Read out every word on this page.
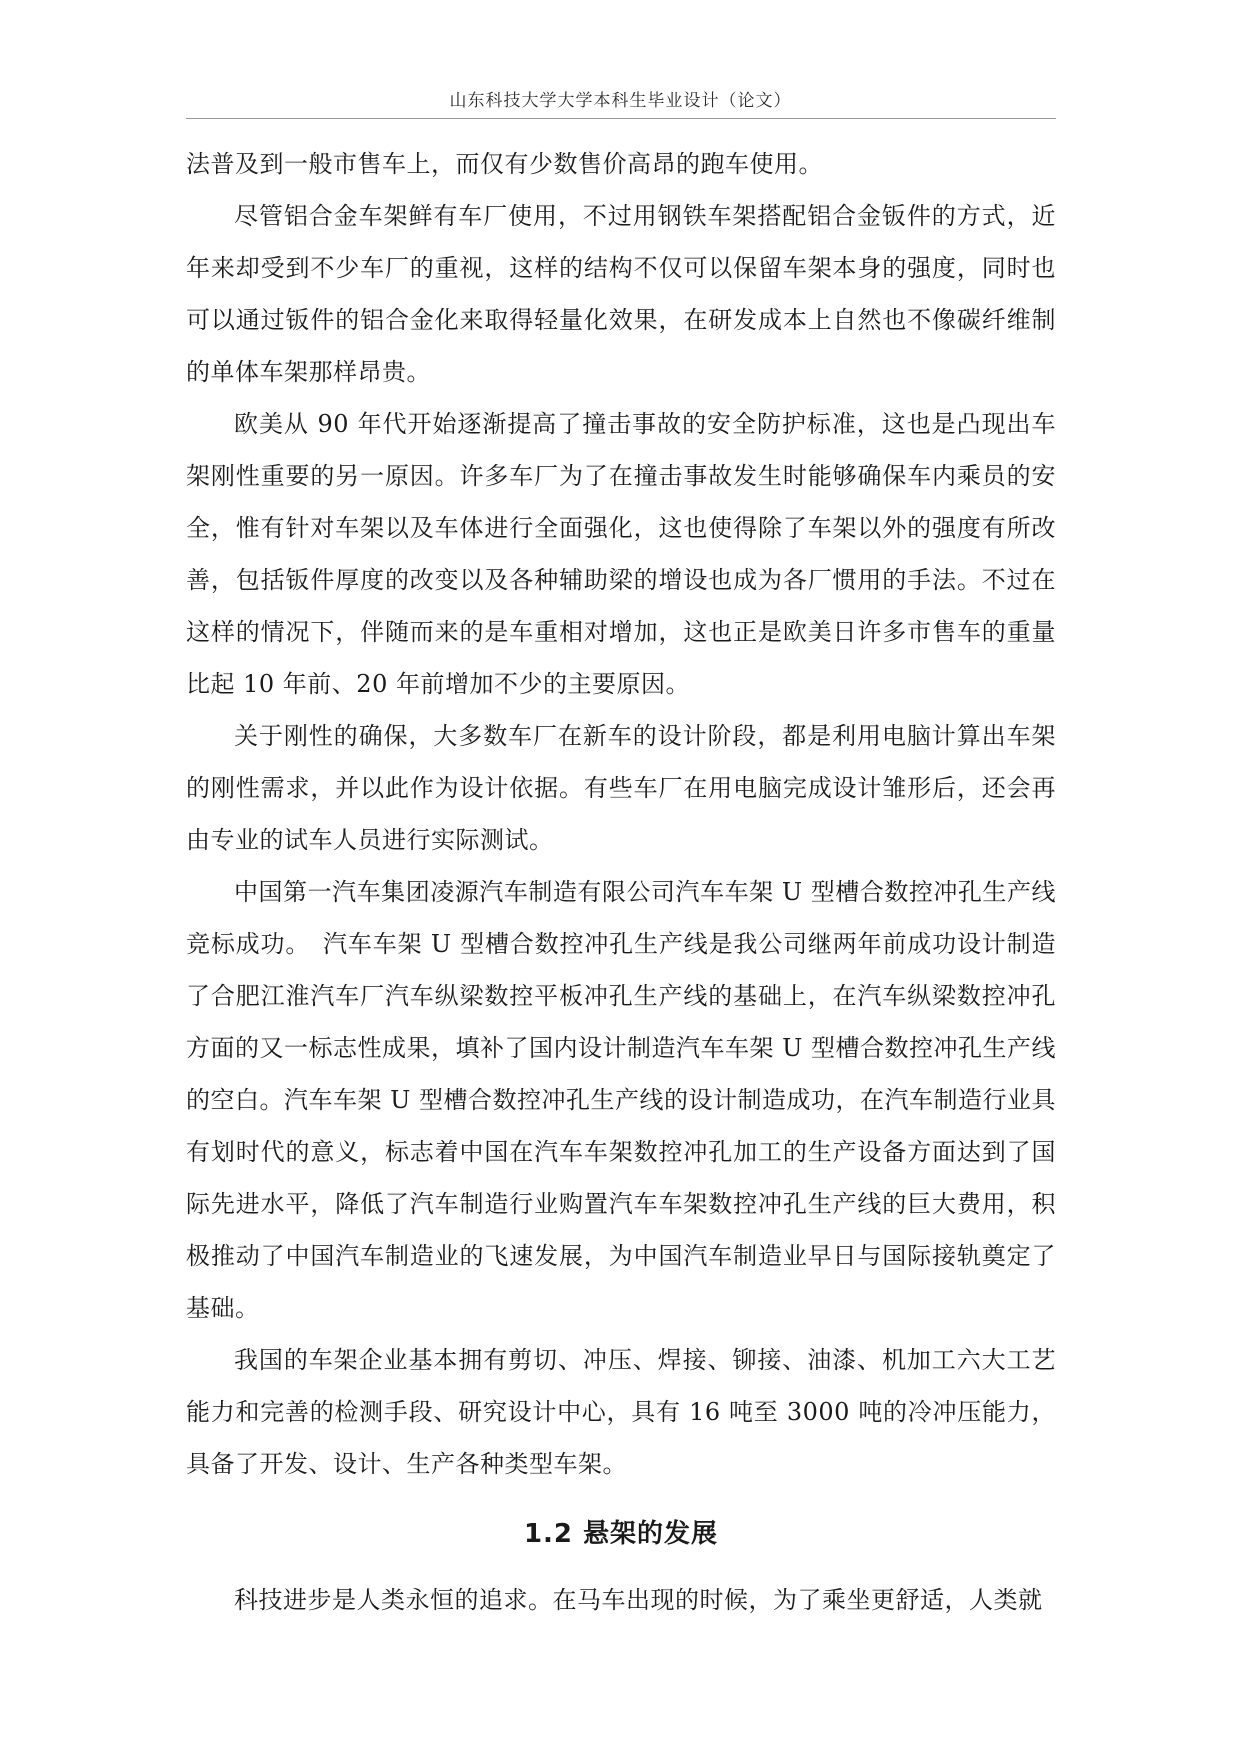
山东科技大学大学本科生毕业设计（论文）

法普及到一般市售车上，而仅有少数售价高昂的跑车使用。

尽管铝合金车架鲜有车厂使用，不过用钢铁车架搭配铝合金钣件的方式，近年来却受到不少车厂的重视，这样的结构不仅可以保留车架本身的强度，同时也可以通过钣件的铝合金化来取得轻量化效果，在研发成本上自然也不像碳纤维制的单体车架那样昂贵。

欧美从 90 年代开始逐渐提高了撞击事故的安全防护标准，这也是凸现出车架刚性重要的另一原因。许多车厂为了在撞击事故发生时能够确保车内乘员的安全，惟有针对车架以及车体进行全面强化，这也使得除了车架以外的强度有所改善，包括钣件厚度的改变以及各种辅助梁的增设也成为各厂惯用的手法。不过在这样的情况下，伴随而来的是车重相对增加，这也正是欧美日许多市售车的重量比起 10 年前、20 年前增加不少的主要原因。

关于刚性的确保，大多数车厂在新车的设计阶段，都是利用电脑计算出车架的刚性需求，并以此作为设计依据。有些车厂在用电脑完成设计雏形后，还会再由专业的试车人员进行实际测试。

中国第一汽车集团凌源汽车制造有限公司汽车车架 U 型槽合数控冲孔生产线竞标成功。　汽车车架 U 型槽合数控冲孔生产线是我公司继两年前成功设计制造了合肥江淮汽车厂汽车纵梁数控平板冲孔生产线的基础上，在汽车纵梁数控冲孔方面的又一标志性成果，填补了国内设计制造汽车车架 U 型槽合数控冲孔生产线的空白。汽车车架 U 型槽合数控冲孔生产线的设计制造成功，在汽车制造行业具有划时代的意义，标志着中国在汽车车架数控冲孔加工的生产设备方面达到了国际先进水平，降低了汽车制造行业购置汽车车架数控冲孔生产线的巨大费用，积极推动了中国汽车制造业的飞速发展，为中国汽车制造业早日与国际接轨奠定了基础。

我国的车架企业基本拥有剪切、冲压、焊接、铆接、油漆、机加工六大工艺能力和完善的检测手段、研究设计中心，具有 16 吨至 3000 吨的冷冲压能力，具备了开发、设计、生产各种类型车架。

1.2 悬架的发展

科技进步是人类永恒的追求。在马车出现的时候，为了乘坐更舒适，人类就
